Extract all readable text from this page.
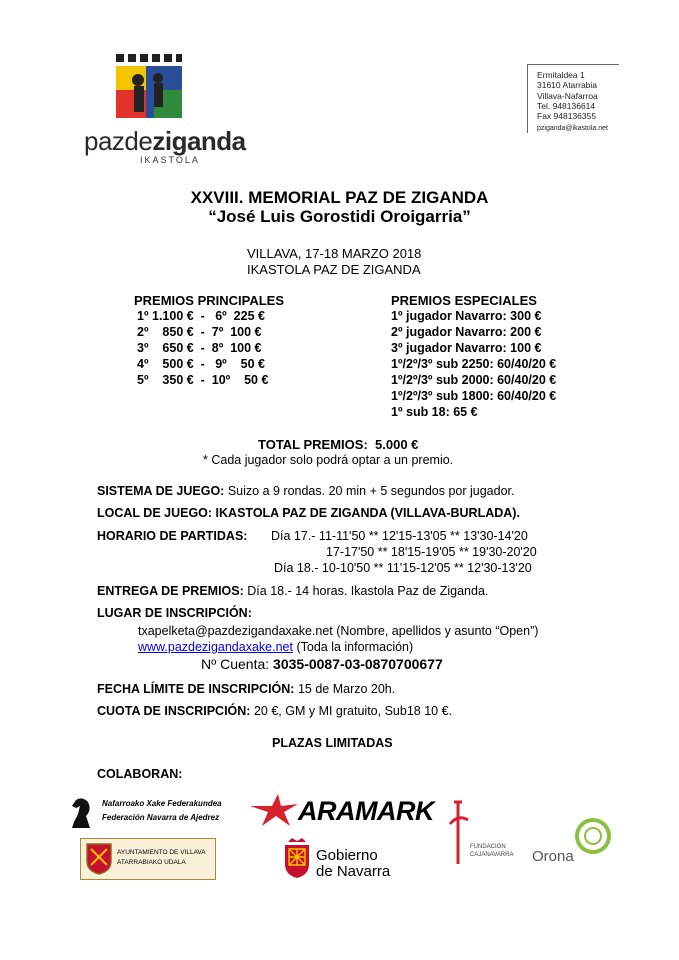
pazdeziganda
IKASTOLA
Ermitaldea 1
31610 Atarrabia
Villava-Nafarroa
Tel. 948136614
Fax 948136355
pziganda@ikastola.net
XXVIII. MEMORIAL PAZ DE ZIGANDA
“José Luis Gorostidi Oroigarria”
VILLAVA, 17-18 MARZO 2018
IKASTOLA PAZ DE ZIGANDA
PREMIOS PRINCIPALES
1º 1.100 €  -   6º  225 €
2º    850 €  -  7º  100 €
3º    650 €  -  8º  100 €
4º    500 €  -   9º    50 €
5º    350 €  -  10º    50 €
PREMIOS ESPECIALES
1º jugador Navarro: 300 €
2º jugador Navarro: 200 €
3º jugador Navarro: 100 €
1º/2º/3º sub 2250: 60/40/20 €
1º/2º/3º sub 2000: 60/40/20 €
1º/2º/3º sub 1800: 60/40/20 €
1º sub 18: 65 €
TOTAL PREMIOS: 5.000 €
* Cada jugador solo podrá optar a un premio.
SISTEMA DE JUEGO: Suizo a 9 rondas. 20 min + 5 segundos por jugador.
LOCAL DE JUEGO: IKASTOLA PAZ DE ZIGANDA (VILLAVA-BURLADA).
HORARIO DE PARTIDAS: Día 17.- 11-11'50 ** 12'15-13'05 ** 13'30-14'20
17-17'50 ** 18'15-19'05 ** 19'30-20'20
Día 18.- 10-10'50 ** 11'15-12'05 ** 12'30-13'20
ENTREGA DE PREMIOS: Día 18.- 14 horas. Ikastola Paz de Ziganda.
LUGAR DE INSCRIPCIÓN:
txapelketa@pazdezigandaxake.net (Nombre, apellidos y asunto “Open”)
www.pazdezigandaxake.net (Toda la información)
Nº Cuenta: 3035-0087-03-0870700677
FECHA LÍMITE DE INSCRIPCIÓN: 15 de Marzo 20h.
CUOTA DE INSCRIPCIÓN: 20 €, GM y MI gratuito, Sub18 10 €.
PLAZAS LIMITADAS
COLABORAN:
Nafarroako Xake Federakundea
Federación Navarra de Ajedrez
AYUNTAMIENTO DE VILLAVA
ATARRABIAKO UDALA
ARAMARK
Gobierno
de Navarra
FUNDACIÓN
CAJANAVARRA Orona
